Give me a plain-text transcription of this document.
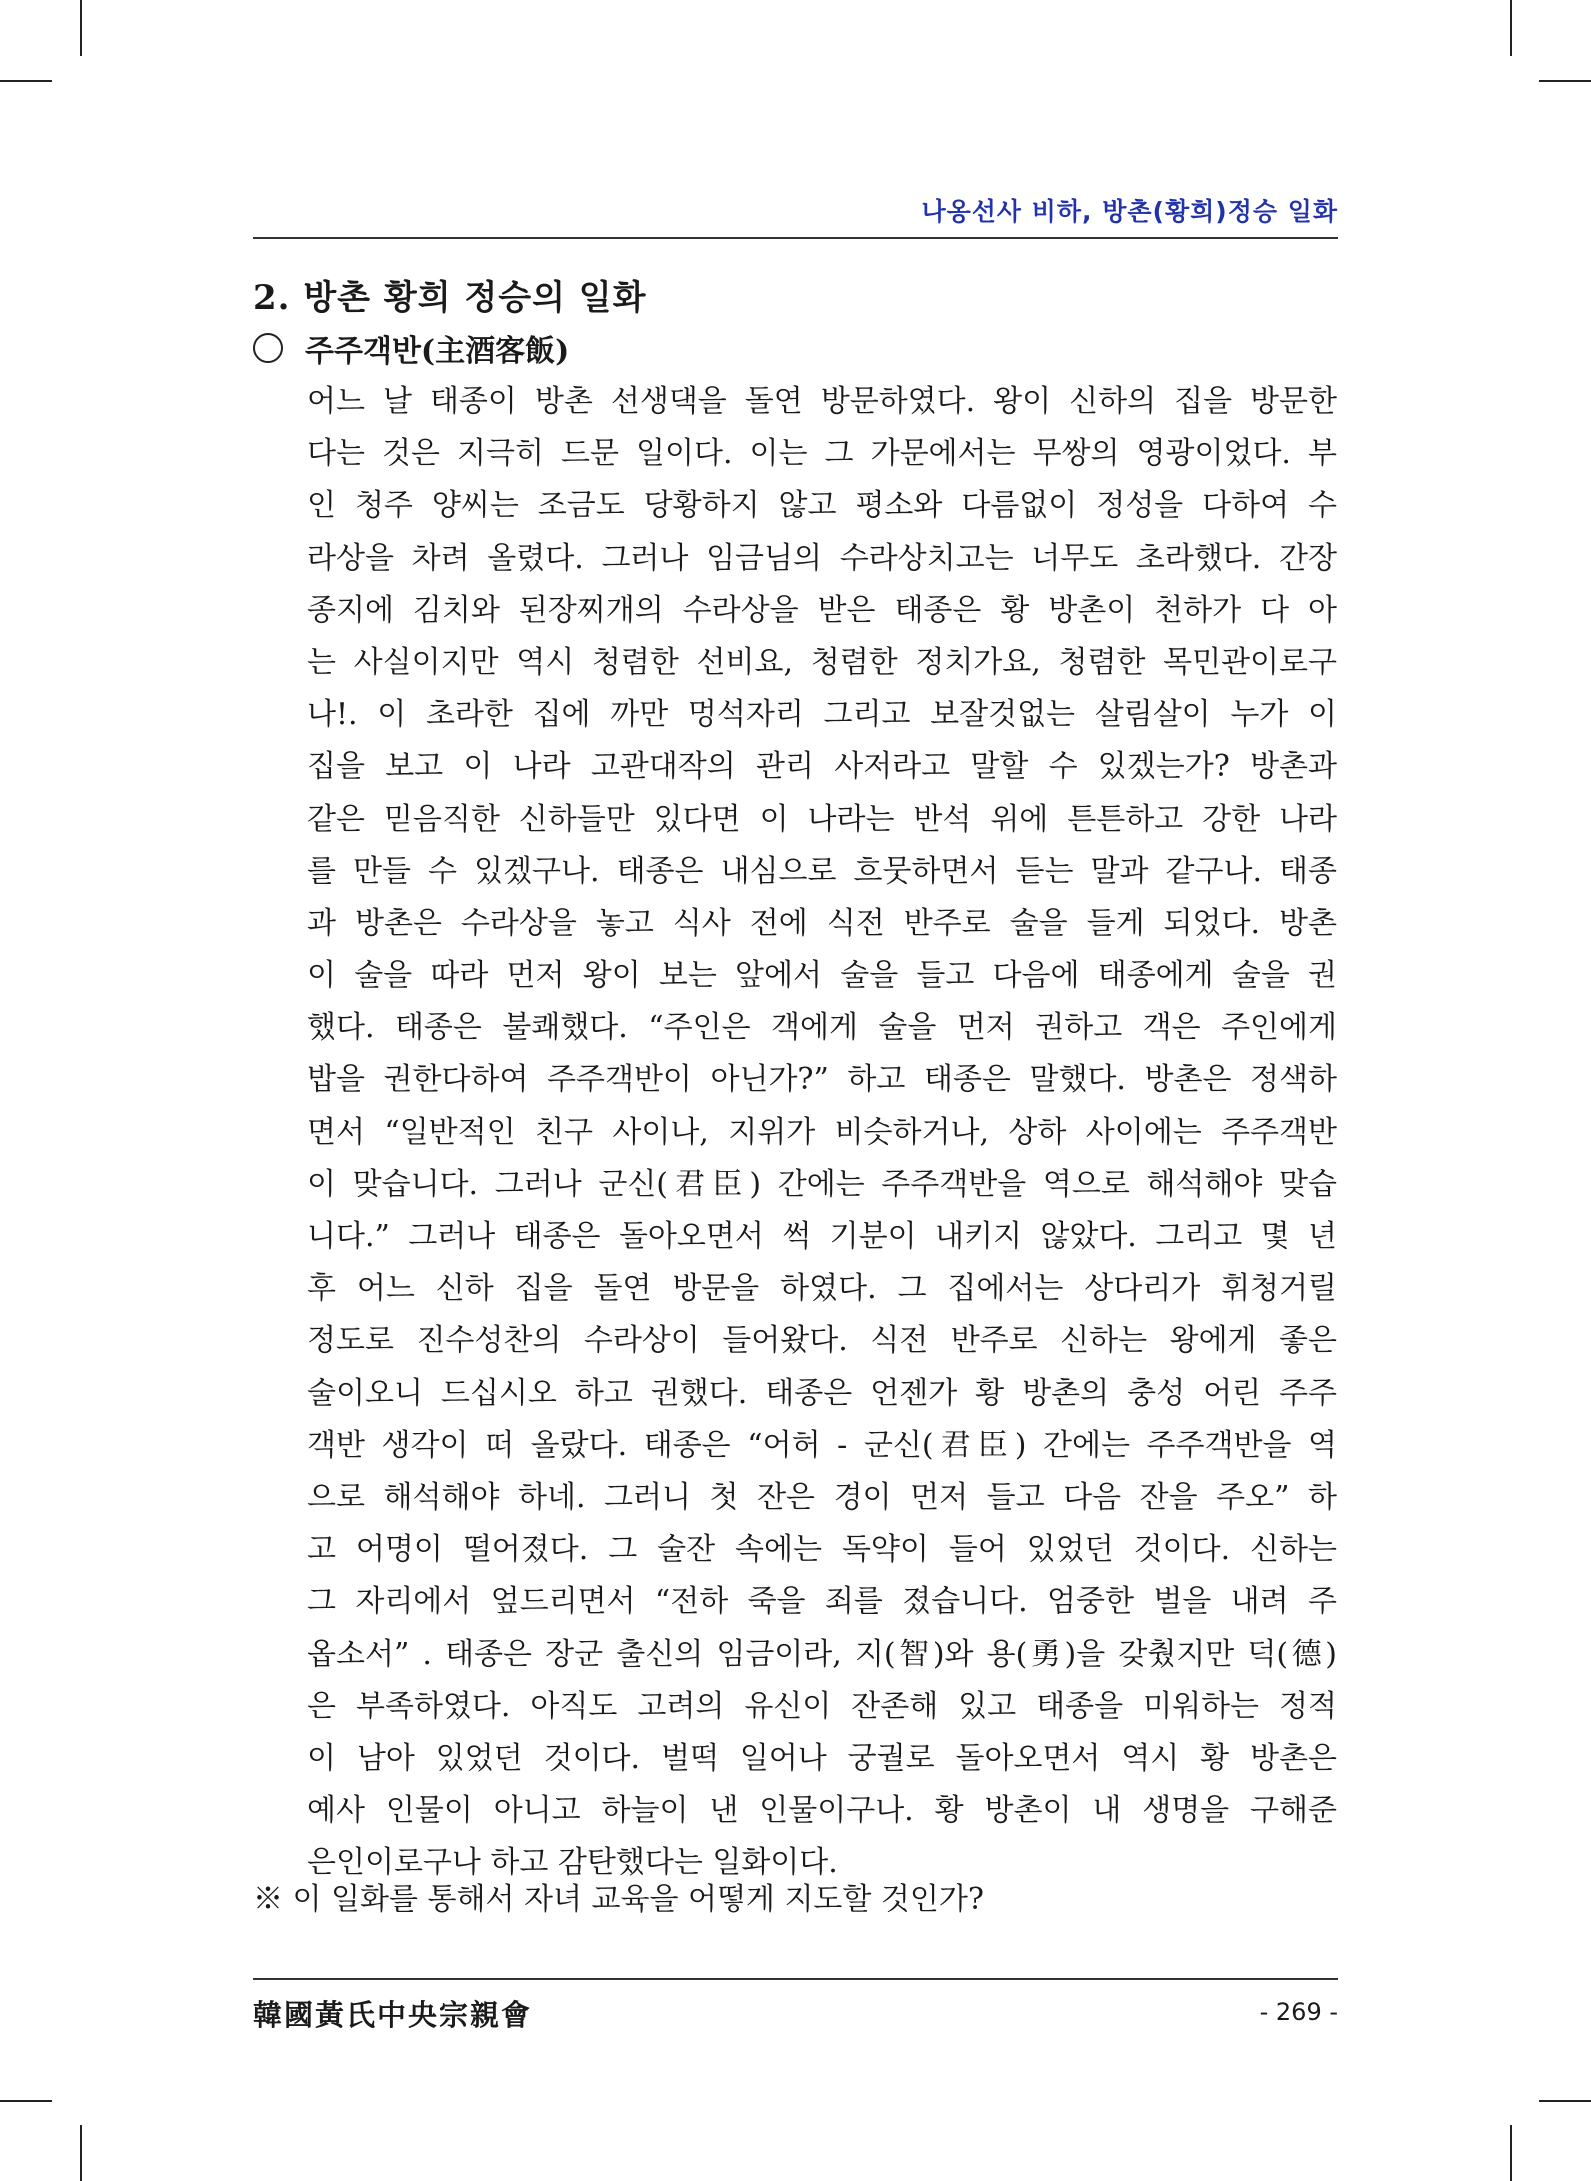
나옹선사 비하, 방촌(황희)정승 일화
2. 방촌 황희 정승의 일화
주주객반(主酒客飯)
어느 날 태종이 방촌 선생댁을 돌연 방문하였다. 왕이 신하의 집을 방문한
다는 것은 지극히 드문 일이다. 이는 그 가문에서는 무쌍의 영광이었다. 부
인 청주 양씨는 조금도 당황하지 않고 평소와 다름없이 정성을 다하여 수
라상을 차려 올렸다. 그러나 임금님의 수라상치고는 너무도 초라했다. 간장
종지에 김치와 된장찌개의 수라상을 받은 태종은 황 방촌이 천하가 다 아
는 사실이지만 역시 청렴한 선비요, 청렴한 정치가요, 청렴한 목민관이로구
나!. 이 초라한 집에 까만 멍석자리 그리고 보잘것없는 살림살이 누가 이
집을 보고 이 나라 고관대작의 관리 사저라고 말할 수 있겠는가? 방촌과
같은 믿음직한 신하들만 있다면 이 나라는 반석 위에 튼튼하고 강한 나라
를 만들 수 있겠구나. 태종은 내심으로 흐뭇하면서 듣는 말과 같구나. 태종
과 방촌은 수라상을 놓고 식사 전에 식전 반주로 술을 들게 되었다. 방촌
이 술을 따라 먼저 왕이 보는 앞에서 술을 들고 다음에 태종에게 술을 권
했다. 태종은 불쾌했다. “주인은 객에게 술을 먼저 권하고 객은 주인에게
밥을 권한다하여 주주객반이 아닌가?” 하고 태종은 말했다. 방촌은 정색하
면서 “일반적인 친구 사이나, 지위가 비슷하거나, 상하 사이에는 주주객반
이 맞습니다. 그러나 군신(君臣) 간에는 주주객반을 역으로 해석해야 맞습
니다.” 그러나 태종은 돌아오면서 썩 기분이 내키지 않았다. 그리고 몇 년
후 어느 신하 집을 돌연 방문을 하였다. 그 집에서는 상다리가 휘청거릴
정도로 진수성찬의 수라상이 들어왔다. 식전 반주로 신하는 왕에게 좋은
술이오니 드십시오 하고 권했다. 태종은 언젠가 황 방촌의 충성 어린 주주
객반 생각이 떠 올랐다. 태종은 “어허 - 군신(君臣) 간에는 주주객반을 역
으로 해석해야 하네. 그러니 첫 잔은 경이 먼저 들고 다음 잔을 주오” 하
고 어명이 떨어졌다. 그 술잔 속에는 독약이 들어 있었던 것이다. 신하는
그 자리에서 엎드리면서 “전하 죽을 죄를 졌습니다. 엄중한 벌을 내려 주
옵소서” . 태종은 장군 출신의 임금이라, 지(智)와 용(勇)을 갖췄지만 덕(德)
은 부족하였다. 아직도 고려의 유신이 잔존해 있고 태종을 미워하는 정적
이 남아 있었던 것이다. 벌떡 일어나 궁궐로 돌아오면서 역시 황 방촌은
예사 인물이 아니고 하늘이 낸 인물이구나. 황 방촌이 내 생명을 구해준
은인이로구나 하고 감탄했다는 일화이다.
※ 이 일화를 통해서 자녀 교육을 어떻게 지도할 것인가?
韓國黃氏中央宗親會	- 269 -
